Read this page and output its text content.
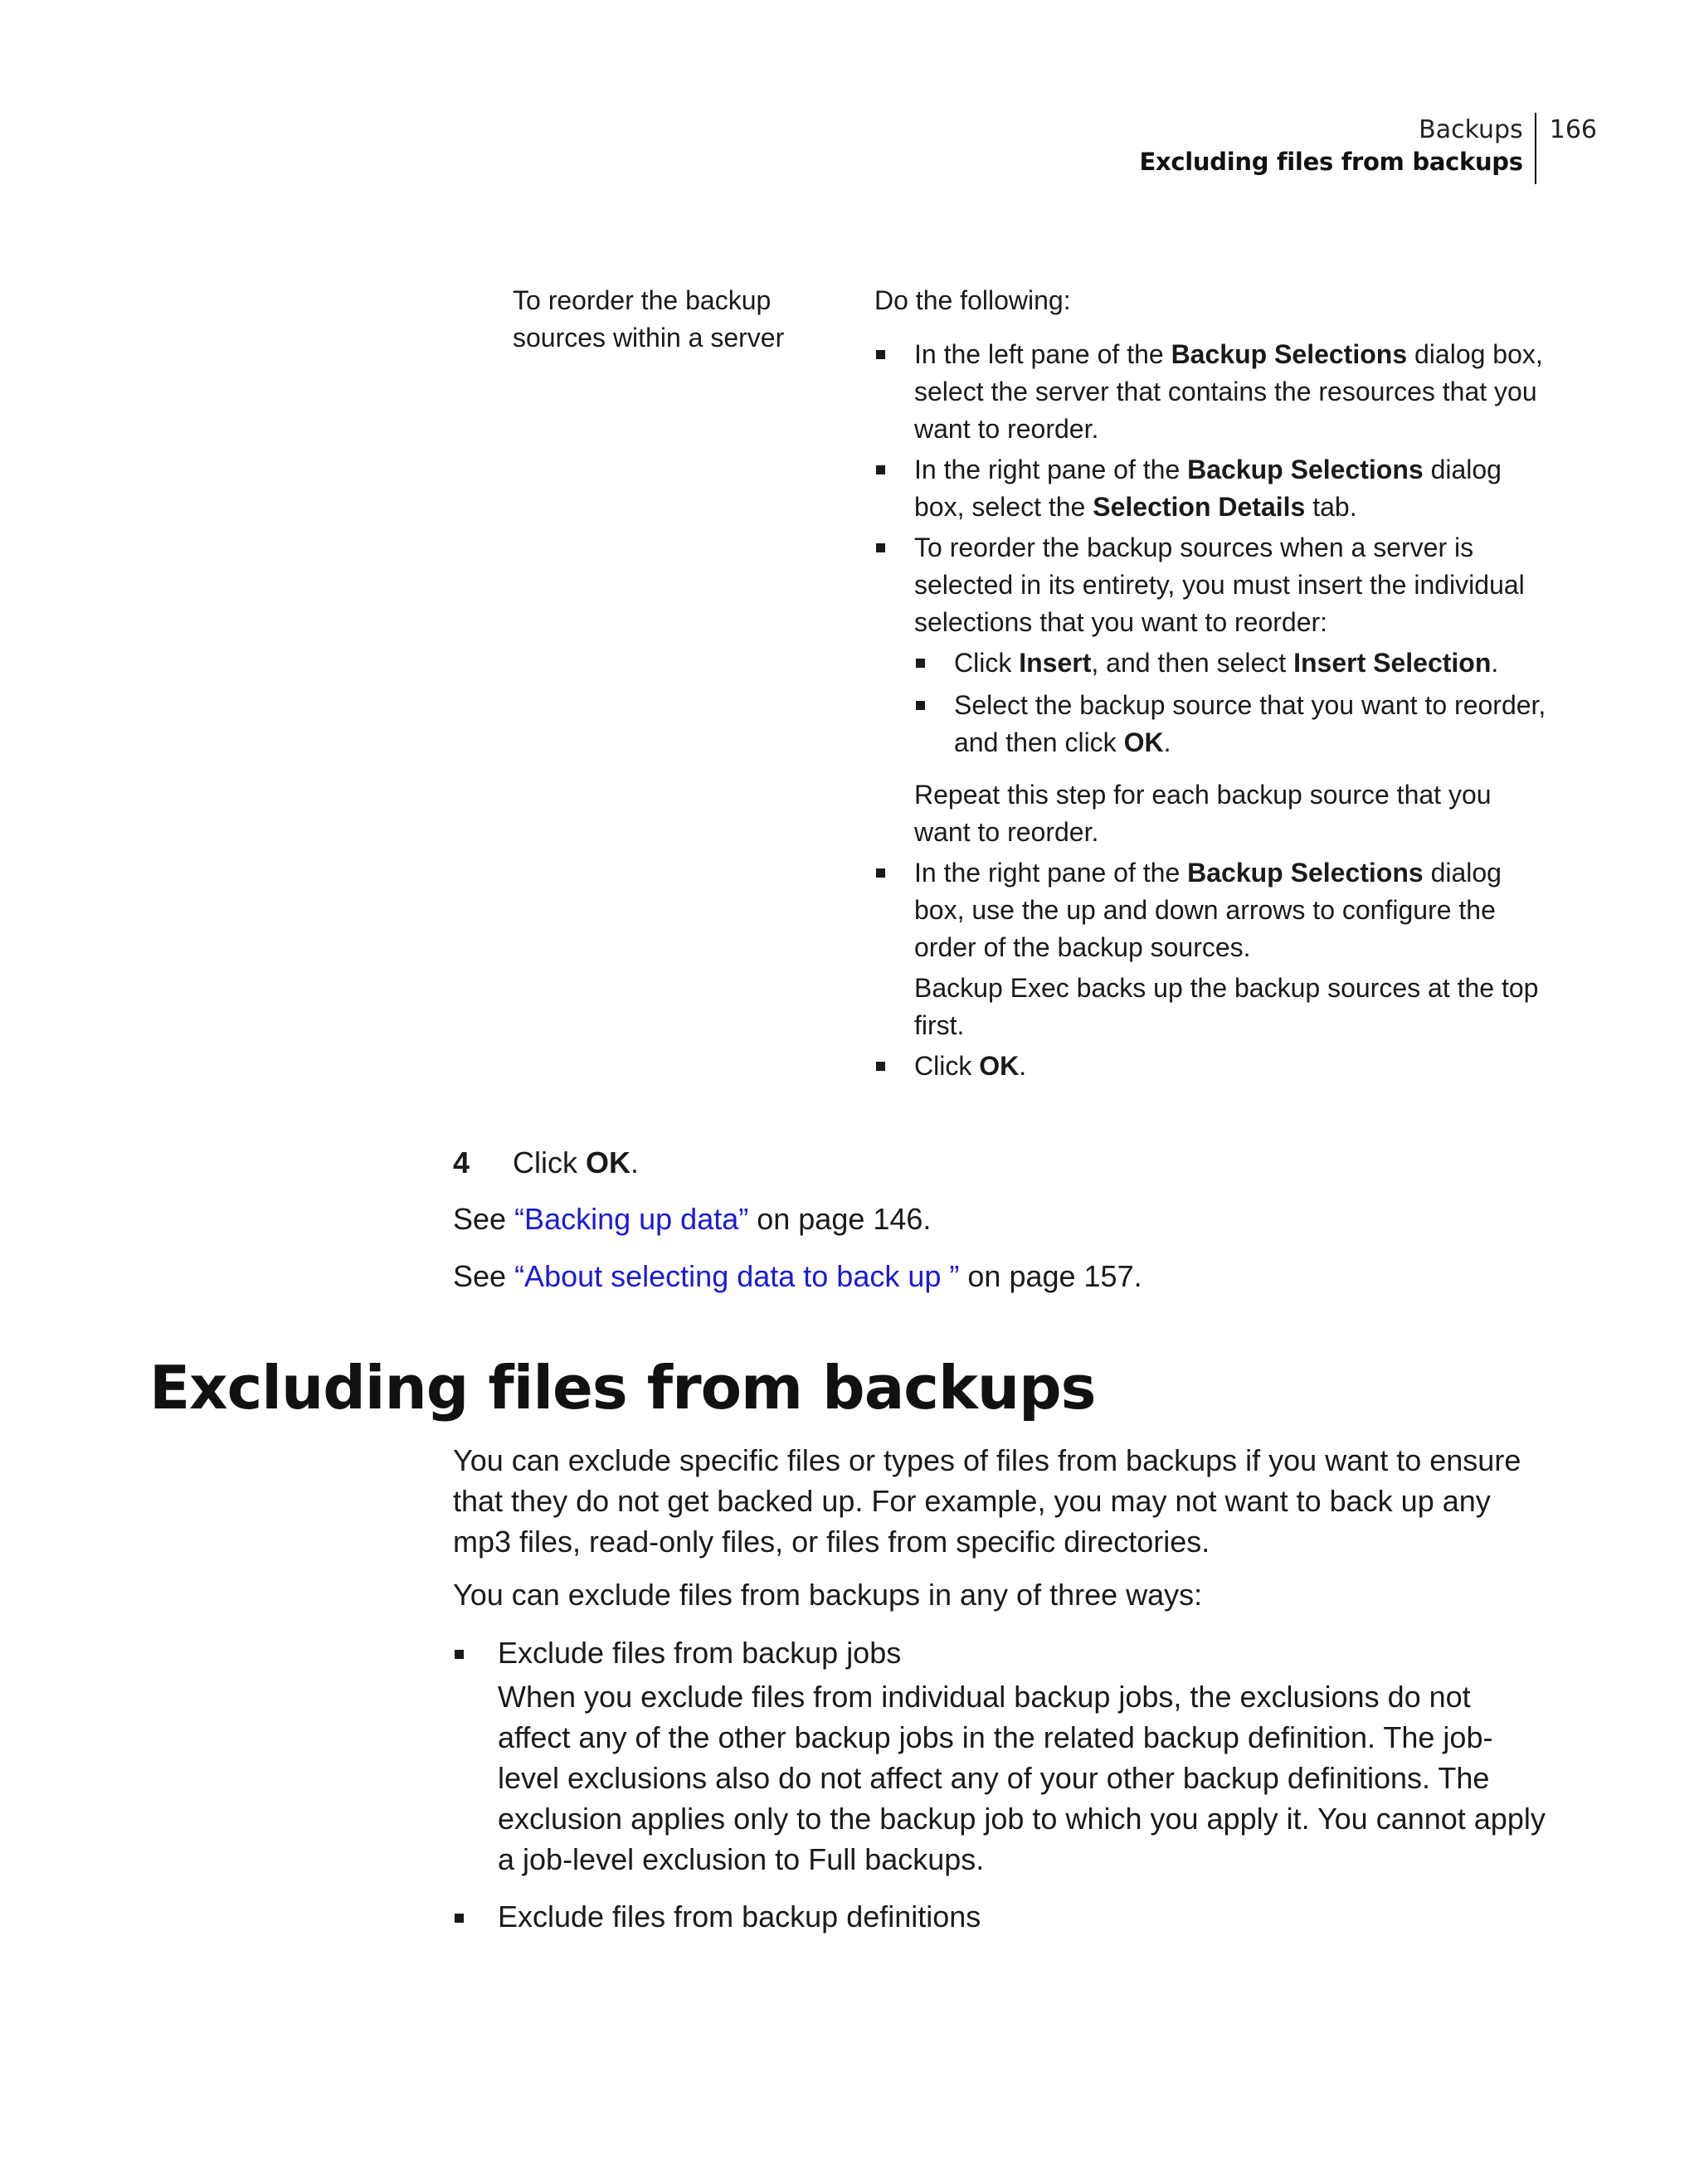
Backups
Excluding files from backups
166
To reorder the backup sources within a server
Do the following:
In the left pane of the Backup Selections dialog box, select the server that contains the resources that you want to reorder.
In the right pane of the Backup Selections dialog box, select the Selection Details tab.
To reorder the backup sources when a server is selected in its entirety, you must insert the individual selections that you want to reorder:
Click Insert, and then select Insert Selection.
Select the backup source that you want to reorder, and then click OK.
Repeat this step for each backup source that you want to reorder.
In the right pane of the Backup Selections dialog box, use the up and down arrows to configure the order of the backup sources.
Backup Exec backs up the backup sources at the top first.
Click OK.
4 Click OK.
See “Backing up data” on page 146.
See “About selecting data to back up ” on page 157.
Excluding files from backups
You can exclude specific files or types of files from backups if you want to ensure that they do not get backed up. For example, you may not want to back up any mp3 files, read-only files, or files from specific directories.
You can exclude files from backups in any of three ways:
Exclude files from backup jobs
When you exclude files from individual backup jobs, the exclusions do not affect any of the other backup jobs in the related backup definition. The job-level exclusions also do not affect any of your other backup definitions. The exclusion applies only to the backup job to which you apply it. You cannot apply a job-level exclusion to Full backups.
Exclude files from backup definitions
